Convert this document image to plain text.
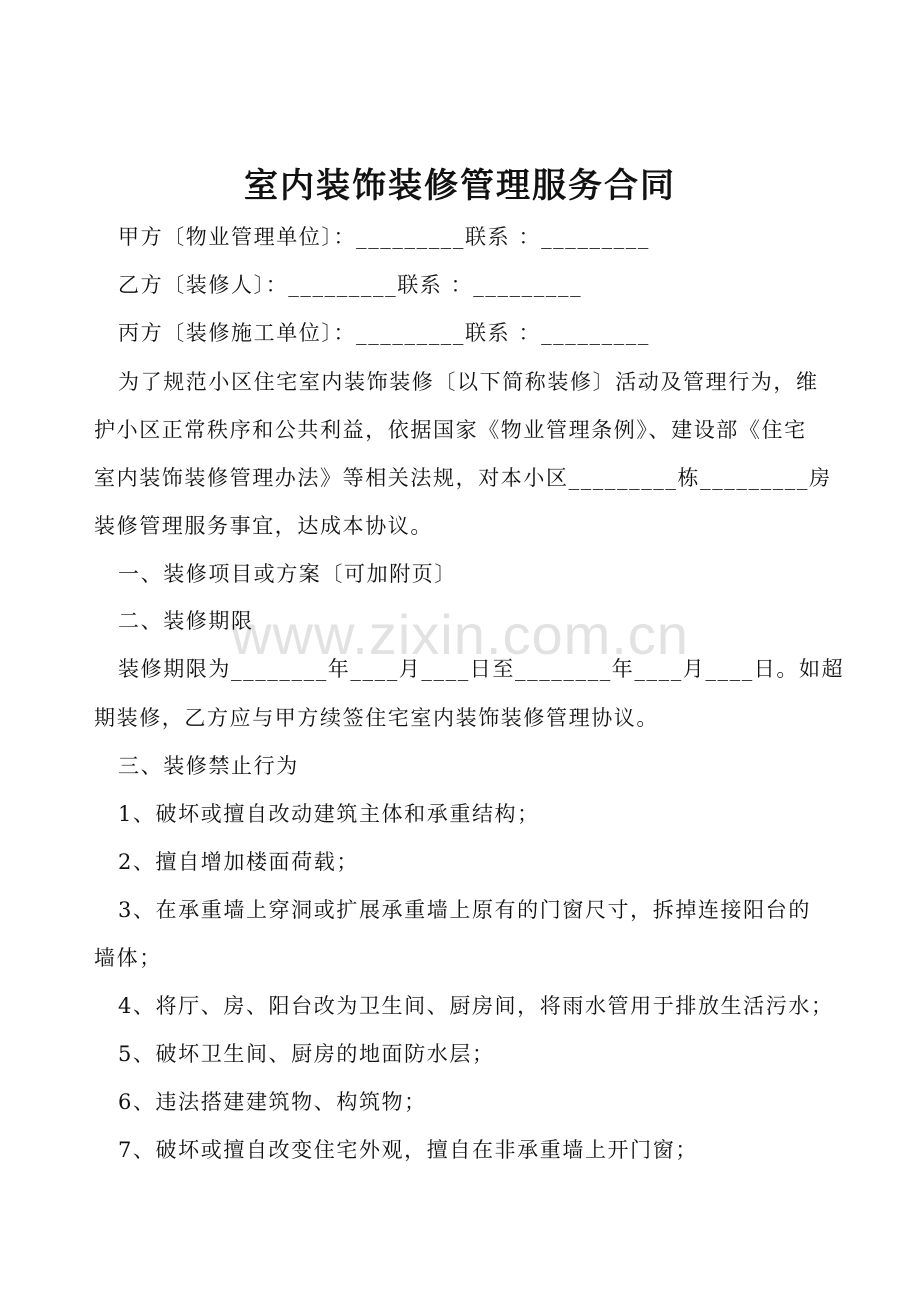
室内装饰装修管理服务合同
www.zixin.com.cn
甲方〔物业管理单位〕：_________联系 ：_________
乙方〔装修人〕：_________联系 ：_________
丙方〔装修施工单位〕：_________联系 ：_________
为了规范小区住宅室内装饰装修〔以下简称装修〕活动及管理行为，维
护小区正常秩序和公共利益，依据国家《物业管理条例》、建设部《住宅
室内装饰装修管理办法》等相关法规，对本小区_________栋_________房
装修管理服务事宜，达成本协议。
一、装修项目或方案〔可加附页〕
二、装修期限
装修期限为________年____月____日至________年____月____日。如超
期装修，乙方应与甲方续签住宅室内装饰装修管理协议。
三、装修禁止行为
1、破坏或擅自改动建筑主体和承重结构；
2、擅自增加楼面荷载；
3、在承重墙上穿洞或扩展承重墙上原有的门窗尺寸，拆掉连接阳台的
墙体；
4、将厅、房、阳台改为卫生间、厨房间，将雨水管用于排放生活污水；
5、破坏卫生间、厨房的地面防水层；
6、违法搭建建筑物、构筑物；
7、破坏或擅自改变住宅外观，擅自在非承重墙上开门窗；
